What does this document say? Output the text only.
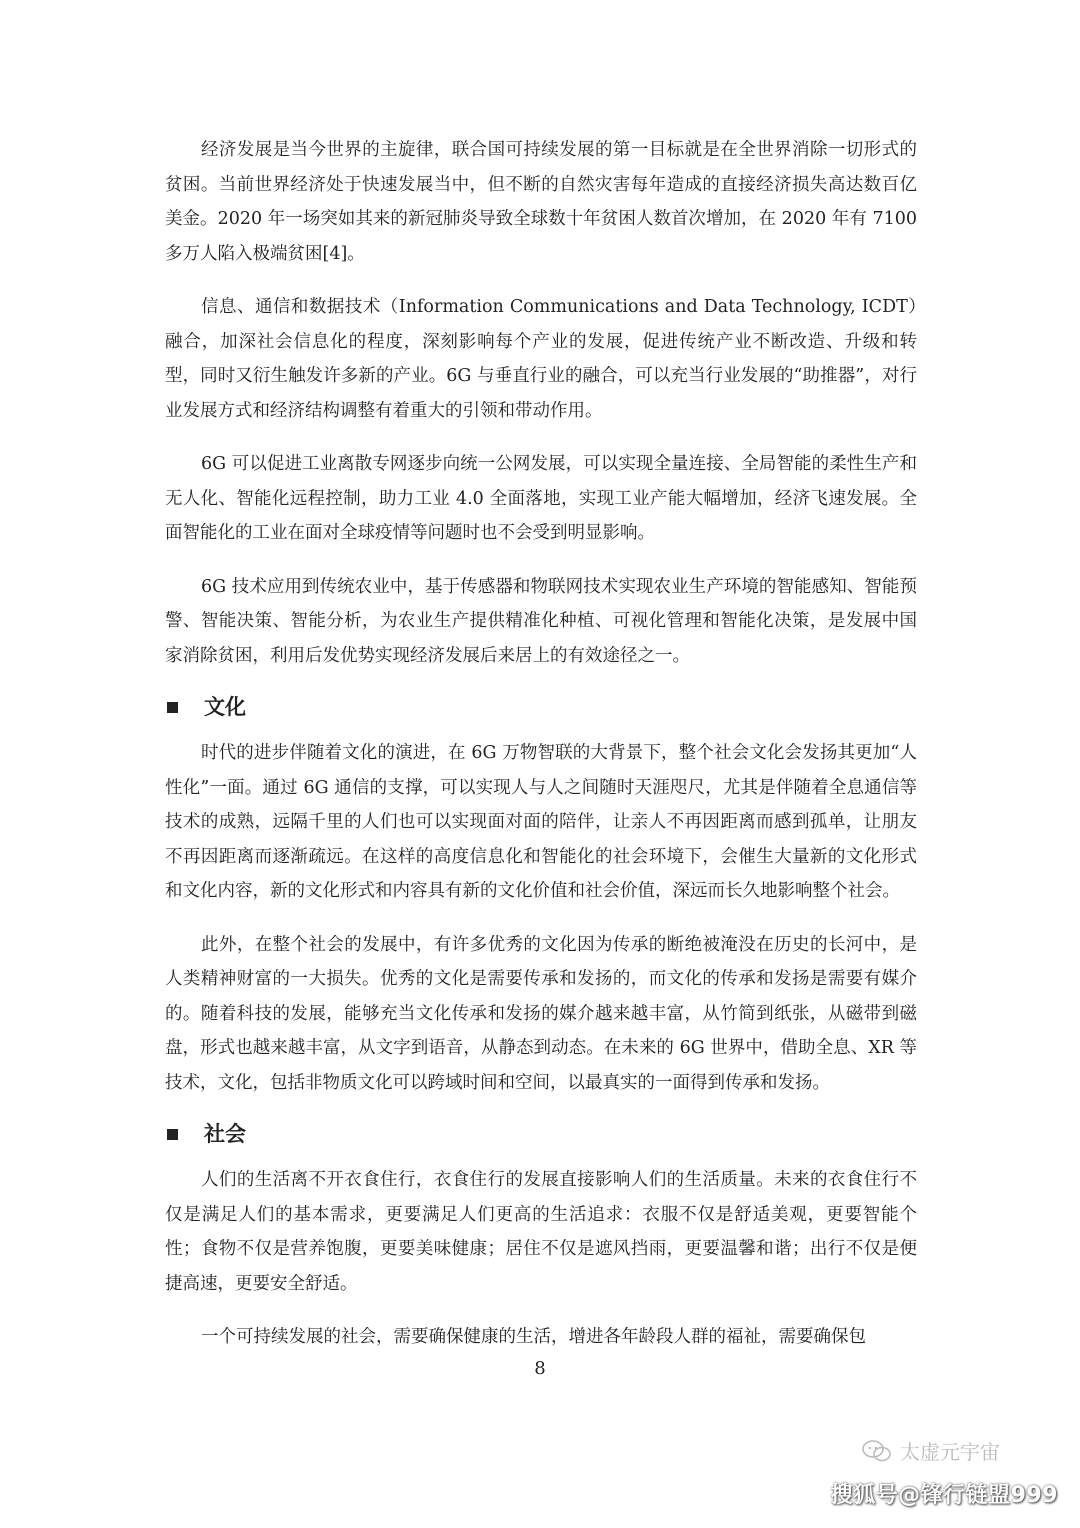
经济发展是当今世界的主旋律，联合国可持续发展的第一目标就是在全世界消除一切形式的贫困。当前世界经济处于快速发展当中，但不断的自然灾害每年造成的直接经济损失高达数百亿美金。2020 年一场突如其来的新冠肺炎导致全球数十年贫困人数首次增加，在 2020 年有 7100 多万人陷入极端贫困[4]。

信息、通信和数据技术（Information Communications and Data Technology, ICDT）融合，加深社会信息化的程度，深刻影响每个产业的发展，促进传统产业不断改造、升级和转型，同时又衍生触发许多新的产业。6G 与垂直行业的融合，可以充当行业发展的“助推器”，对行业发展方式和经济结构调整有着重大的引领和带动作用。

6G 可以促进工业离散专网逐步向统一公网发展，可以实现全量连接、全局智能的柔性生产和无人化、智能化远程控制，助力工业 4.0 全面落地，实现工业产能大幅增加，经济飞速发展。全面智能化的工业在面对全球疫情等问题时也不会受到明显影响。

6G 技术应用到传统农业中，基于传感器和物联网技术实现农业生产环境的智能感知、智能预警、智能决策、智能分析，为农业生产提供精准化种植、可视化管理和智能化决策，是发展中国家消除贫困，利用后发优势实现经济发展后来居上的有效途径之一。

文化

时代的进步伴随着文化的演进，在 6G 万物智联的大背景下，整个社会文化会发扬其更加“人性化”一面。通过 6G 通信的支撑，可以实现人与人之间随时天涯咫尺，尤其是伴随着全息通信等技术的成熟，远隔千里的人们也可以实现面对面的陪伴，让亲人不再因距离而感到孤单，让朋友不再因距离而逐渐疏远。在这样的高度信息化和智能化的社会环境下，会催生大量新的文化形式和文化内容，新的文化形式和内容具有新的文化价值和社会价值，深远而长久地影响整个社会。

此外，在整个社会的发展中，有许多优秀的文化因为传承的断绝被淹没在历史的长河中，是人类精神财富的一大损失。优秀的文化是需要传承和发扬的，而文化的传承和发扬是需要有媒介的。随着科技的发展，能够充当文化传承和发扬的媒介越来越丰富，从竹简到纸张，从磁带到磁盘，形式也越来越丰富，从文字到语音，从静态到动态。在未来的 6G 世界中，借助全息、XR 等技术，文化，包括非物质文化可以跨域时间和空间，以最真实的一面得到传承和发扬。

社会

人们的生活离不开衣食住行，衣食住行的发展直接影响人们的生活质量。未来的衣食住行不仅是满足人们的基本需求，更要满足人们更高的生活追求：衣服不仅是舒适美观，更要智能个性；食物不仅是营养饱腹，更要美味健康；居住不仅是遮风挡雨，更要温馨和谐；出行不仅是便捷高速，更要安全舒适。

一个可持续发展的社会，需要确保健康的生活，增进各年龄段人群的福祉，需要确保包

8
太虚元宇宙
搜狐号@锋行链盟999
